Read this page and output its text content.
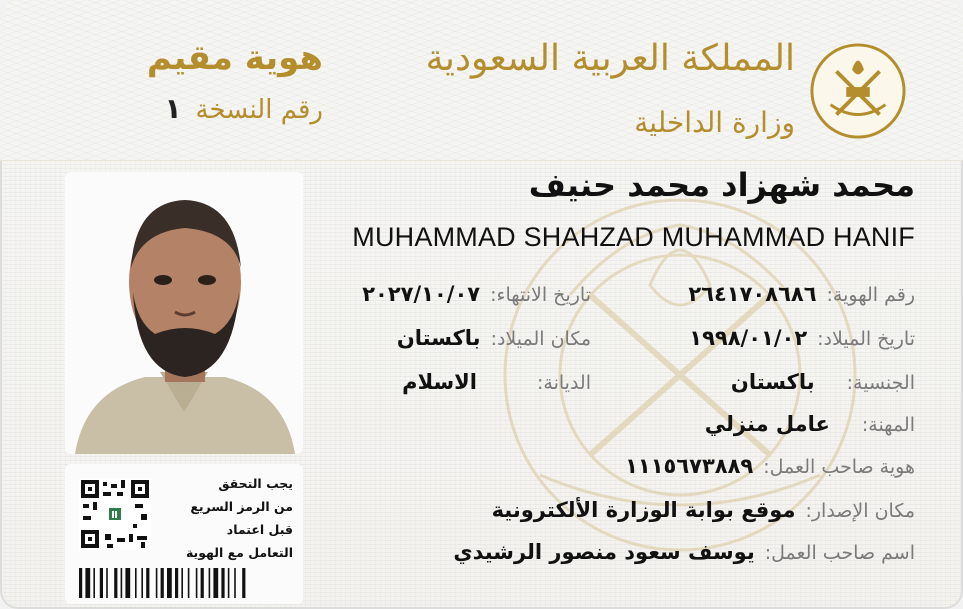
هوية مقيم
رقم النسخة
١
المملكة العربية السعودية
وزارة الداخلية
يجب التحقق
من الرمز السريع
قبل اعتماد
التعامل مع الهوية
محمد شهزاد محمد حنيف
MUHAMMAD SHAHZAD MUHAMMAD HANIF
رقم الهوية:
٢٦٤١٧٠٨٦٨٦
تاريخ الانتهاء:
٢٠٢٧/١٠/٠٧
تاريخ الميلاد:
١٩٩٨/٠١/٠٢
مكان الميلاد:
باكستان
الجنسية:
باكستان
الديانة:
الاسلام
المهنة:
عامل منزلي
هوية صاحب العمل:
١١١٥٦٧٣٨٨٩
مكان الإصدار:
موقع بوابة الوزارة الألكترونية
اسم صاحب العمل:
يوسف سعود منصور الرشيدي
